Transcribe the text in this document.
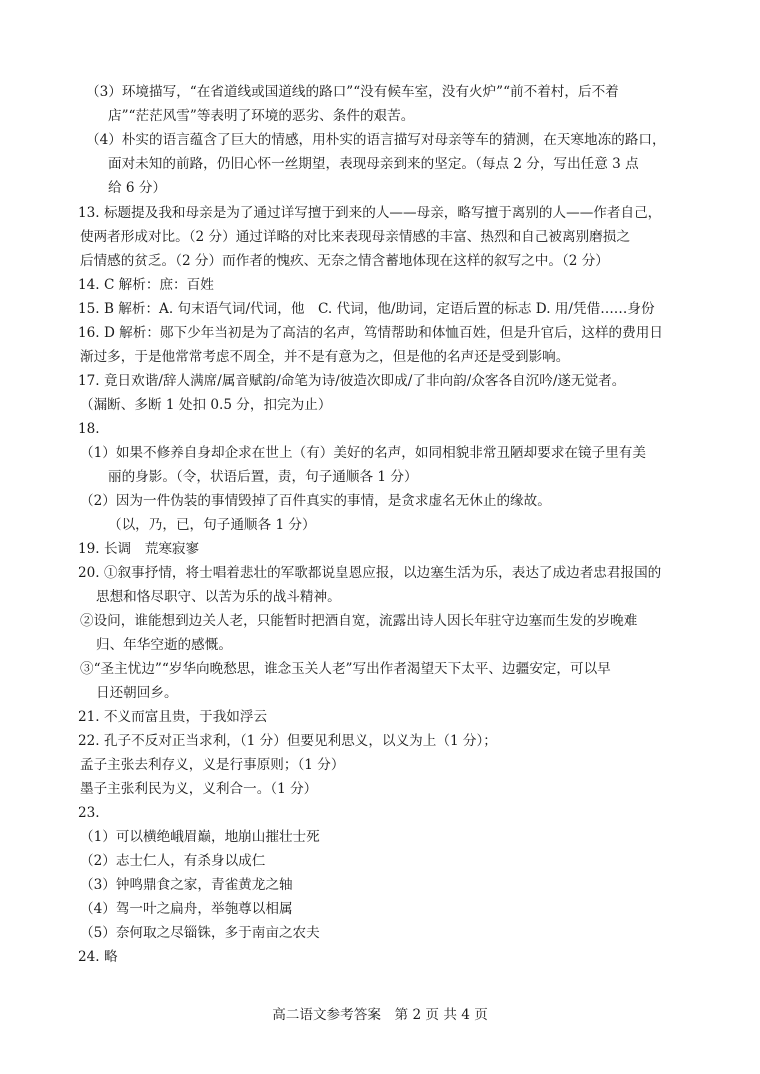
（3）环境描写，“在省道线或国道线的路口”“没有候车室，没有火炉”“前不着村，后不着
店”“茫茫风雪”等表明了环境的恶劣、条件的艰苦。
（4）朴实的语言蕴含了巨大的情感，用朴实的语言描写对母亲等车的猜测，在天寒地冻的路口，
面对未知的前路，仍旧心怀一丝期望，表现母亲到来的坚定。（每点 2 分，写出任意 3 点
给 6 分）
13. 标题提及我和母亲是为了通过详写擅于到来的人——母亲，略写擅于离别的人——作者自己，
使两者形成对比。（2 分）通过详略的对比来表现母亲情感的丰富、热烈和自己被离别磨损之
后情感的贫乏。（2 分）而作者的愧疚、无奈之情含蓄地体现在这样的叙写之中。（2 分）
14. C 解析：庶：百姓
15. B 解析：A. 句末语气词/代词，他　C. 代词，他/助词，定语后置的标志 D. 用/凭借……身份
16. D 解析：郧下少年当初是为了高洁的名声，笃情帮助和体恤百姓，但是升官后，这样的费用日
渐过多，于是他常常考虑不周全，并不是有意为之，但是他的名声还是受到影响。
17. 竟日欢谐/辞人满席/属音赋韵/命笔为诗/彼造次即成/了非向韵/众客各自沉吟/遂无觉者。
（漏断、多断 1 处扣 0.5 分，扣完为止）
18.
（1）如果不修养自身却企求在世上（有）美好的名声，如同相貌非常丑陋却要求在镜子里有美
丽的身影。（令，状语后置，责，句子通顺各 1 分）
（2）因为一件伪装的事情毁掉了百件真实的事情，是贪求虚名无休止的缘故。
（以，乃，已，句子通顺各 1 分）
19. 长调　荒寒寂寥
20. ①叙事抒情，将士唱着悲壮的军歌都说皇恩应报，以边塞生活为乐，表达了成边者忠君报国的
思想和恪尽职守、以苦为乐的战斗精神。
②设问，谁能想到边关人老，只能暂时把酒自宽，流露出诗人因长年驻守边塞而生发的岁晚难
归、年华空逝的感慨。
③“圣主忧边”“岁华向晚愁思，谁念玉关人老”写出作者渴望天下太平、边疆安定，可以早
日还朝回乡。
21. 不义而富且贵，于我如浮云
22. 孔子不反对正当求利，（1 分）但要见利思义，以义为上（1 分）；
孟子主张去利存义，义是行事原则；（1 分）
墨子主张利民为义，义利合一。（1 分）
23.
（1）可以横绝峨眉巅，地崩山摧壮士死
（2）志士仁人，有杀身以成仁
（3）钟鸣鼎食之家，青雀黄龙之轴
（4）驾一叶之扁舟，举匏尊以相属
（5）奈何取之尽锱铢，多于南亩之农夫
24. 略
高二语文参考答案　第 2 页 共 4 页
